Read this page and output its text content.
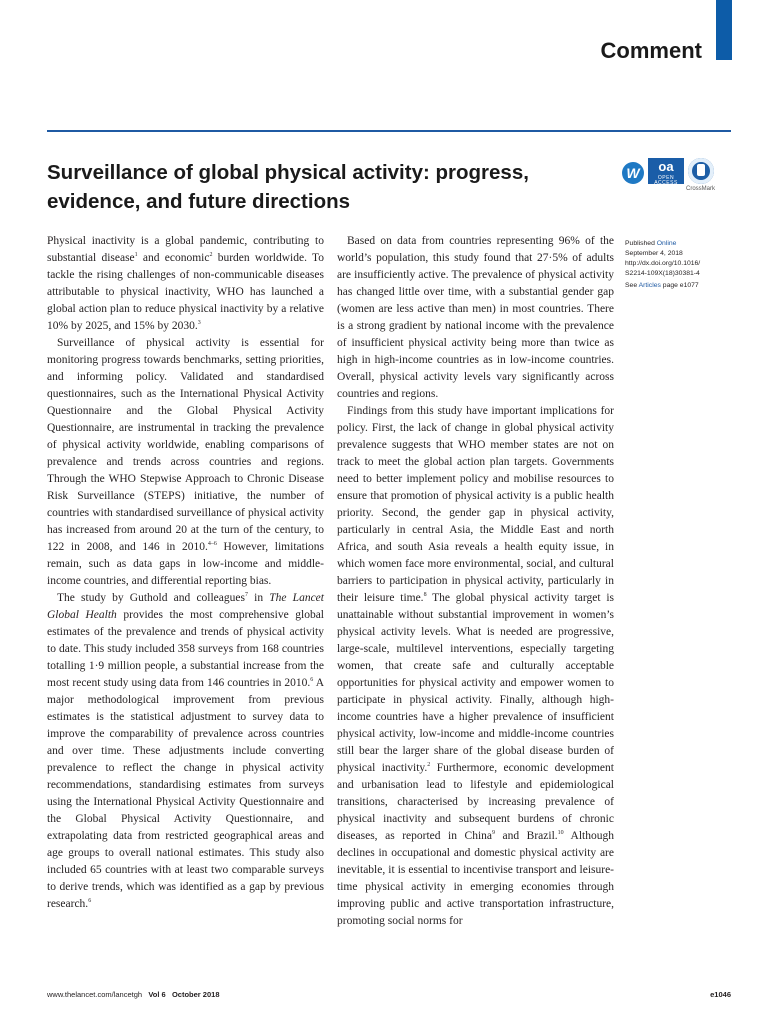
Comment
Surveillance of global physical activity: progress, evidence, and future directions
W	oa
OPEN ACCESS
CrossMark

Physical inactivity is a global pandemic, contributing to substantial disease$^1$ and economic$^2$ burden worldwide. To tackle the rising challenges of non-communicable diseases attributable to physical inactivity, WHO has launched a global action plan to reduce physical inactivity by a relative 10% by 2025, and 15% by 2030.$^3$

Surveillance of physical activity is essential for monitoring progress towards benchmarks, setting priorities, and informing policy. Validated and standardised questionnaires, such as the International Physical Activity Questionnaire and the Global Physical Activity Questionnaire, are instrumental in tracking the prevalence of physical activity worldwide, enabling comparisons of prevalence and trends across countries and regions. Through the WHO Stepwise Approach to Chronic Disease Risk Surveillance (STEPS) initiative, the number of countries with standardised surveillance of physical activity has increased from around 20 at the turn of the century, to 122 in 2008, and 146 in 2010.$^{4-6}$ However, limitations remain, such as data gaps in low-income and middle-income countries, and differential reporting bias.

The study by Guthold and colleagues$^7$ in The Lancet Global Health provides the most comprehensive global estimates of the prevalence and trends of physical activity to date. This study included 358 surveys from 168 countries totalling 1·9 million people, a substantial increase from the most recent study using data from 146 countries in 2010.$^6$ A major methodological improvement from previous estimates is the statistical adjustment to survey data to improve the comparability of prevalence across countries and over time. These adjustments include converting prevalence to reflect the change in physical activity recommendations, standardising estimates from surveys using the International Physical Activity Questionnaire and the Global Physical Activity Questionnaire, and extrapolating data from restricted geographical areas and age groups to overall national estimates. This study also included 65 countries with at least two comparable surveys to derive trends, which was identified as a gap by previous research.$^6$

Based on data from countries representing 96% of the world’s population, this study found that 27·5% of adults are insufficiently active. The prevalence of physical activity has changed little over time, with a substantial gender gap (women are less active than men) in most countries. There is a strong gradient by national income with the prevalence of insufficient physical activity being more than twice as high in high-income countries as in low-income countries. Overall, physical activity levels vary significantly across countries and regions.

Findings from this study have important implications for policy. First, the lack of change in global physical activity prevalence suggests that WHO member states are not on track to meet the global action plan targets. Governments need to better implement policy and mobilise resources to ensure that promotion of physical activity is a public health priority. Second, the gender gap in physical activity, particularly in central Asia, the Middle East and north Africa, and south Asia reveals a health equity issue, in which women face more environmental, social, and cultural barriers to participation in physical activity, particularly in their leisure time.$^8$ The global physical activity target is unattainable without substantial improvement in women’s physical activity levels. What is needed are progressive, large-scale, multilevel interventions, especially targeting women, that create safe and culturally acceptable opportunities for physical activity and empower women to participate in physical activity. Finally, although high-income countries have a higher prevalence of insufficient physical activity, low-income and middle-income countries still bear the larger share of the global disease burden of physical inactivity.$^2$ Furthermore, economic development and urbanisation lead to lifestyle and epidemiological transitions, characterised by increasing prevalence of physical inactivity and subsequent burdens of chronic diseases, as reported in China$^9$ and Brazil.$^{10}$ Although declines in occupational and domestic physical activity are inevitable, it is essential to incentivise transport and leisure-time physical activity in emerging economies through improving public and active transportation infrastructure, promoting social norms for

Published Online
September 4, 2018
http://dx.doi.org/10.1016/ S2214-109X(18)30381-4
See Articles page e1077
www.thelancet.com/lancetgh Vol 6 October 2018	e1046
